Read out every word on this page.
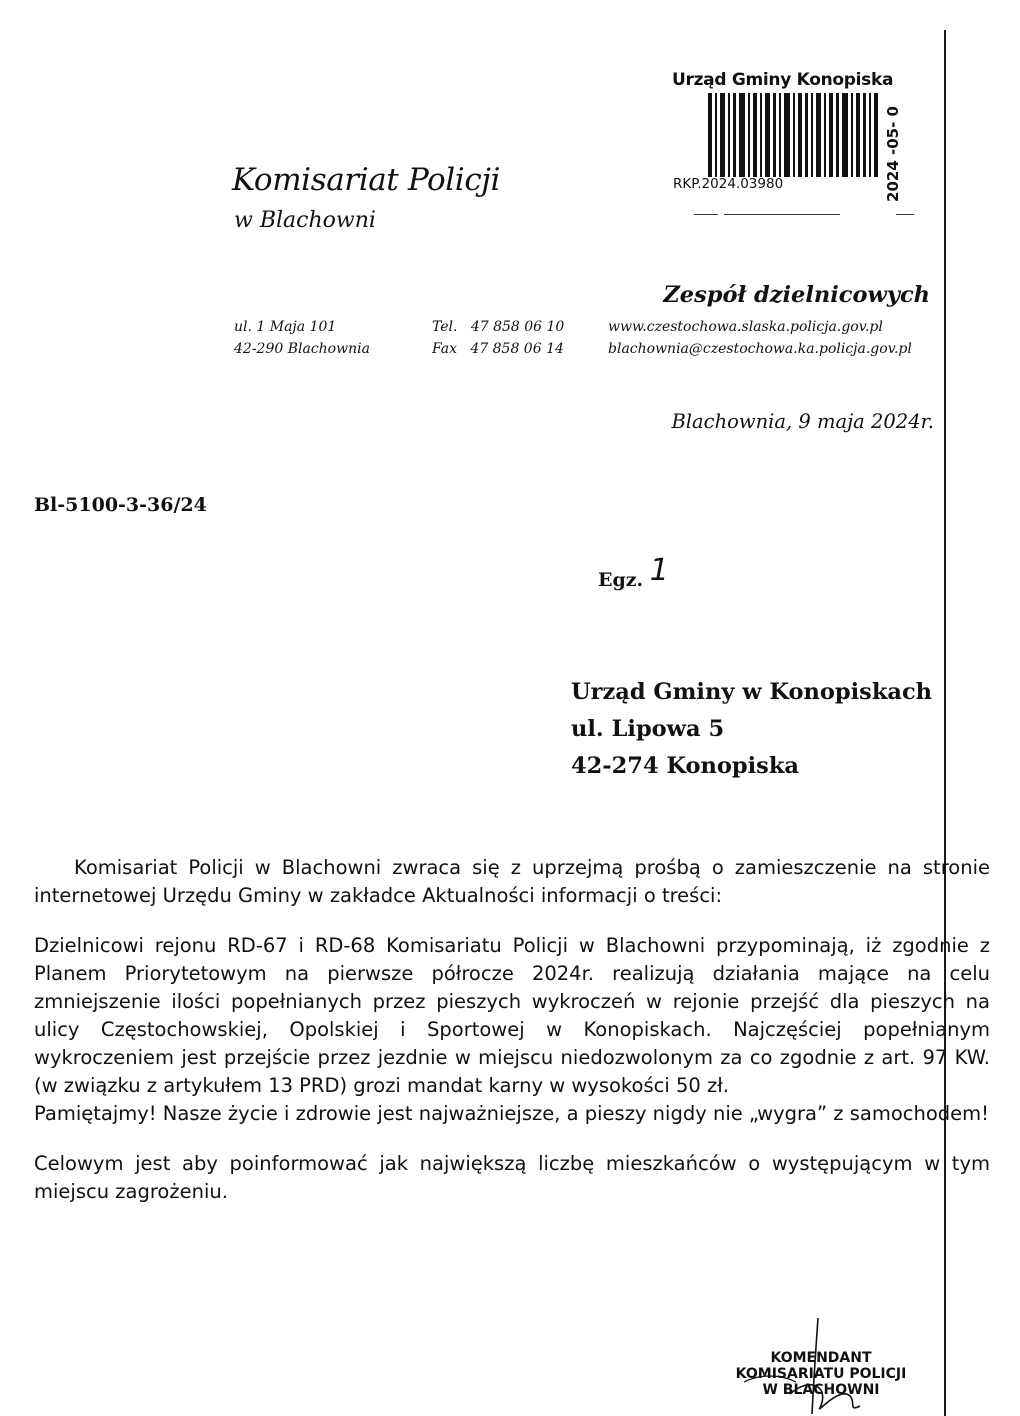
Urząd Gminy Konopiska
RKP.2024.03980	2024 -05- 0
Komisariat Policji
w Blachowni
Zespół dzielnicowych
ul. 1 Maja 101
42-290 Blachownia
Tel. 47 858 06 10
Fax 47 858 06 14
www.czestochowa.slaska.policja.gov.pl
blachownia@czestochowa.ka.policja.gov.pl
Blachownia, 9 maja 2024r.
Bl-5100-3-36/24
Egz. 1
Urząd Gminy w Konopiskach
ul. Lipowa 5
42-274 Konopiska

Komisariat Policji w Blachowni zwraca się z uprzejmą prośbą o zamieszczenie na stronie internetowej Urzędu Gminy w zakładce Aktualności informacji o treści:

Dzielnicowi rejonu RD-67 i RD-68 Komisariatu Policji w Blachowni przypominają, iż zgodnie z Planem Priorytetowym na pierwsze półrocze 2024r. realizują działania mające na celu zmniejszenie ilości popełnianych przez pieszych wykroczeń w rejonie przejść dla pieszych na ulicy Częstochowskiej, Opolskiej i Sportowej w Konopiskach. Najczęściej popełnianym wykroczeniem jest przejście przez jezdnie w miejscu niedozwolonym za co zgodnie z art. 97 KW. (w związku z artykułem 13 PRD) grozi mandat karny w wysokości 50 zł.

Pamiętajmy! Nasze życie i zdrowie jest najważniejsze, a pieszy nigdy nie „wygra” z samochodem!

Celowym jest aby poinformować jak największą liczbę mieszkańców o występującym w tym miejscu zagrożeniu.

KOMENDANT
KOMISARIATU POLICJI
W BLACHOWNI
